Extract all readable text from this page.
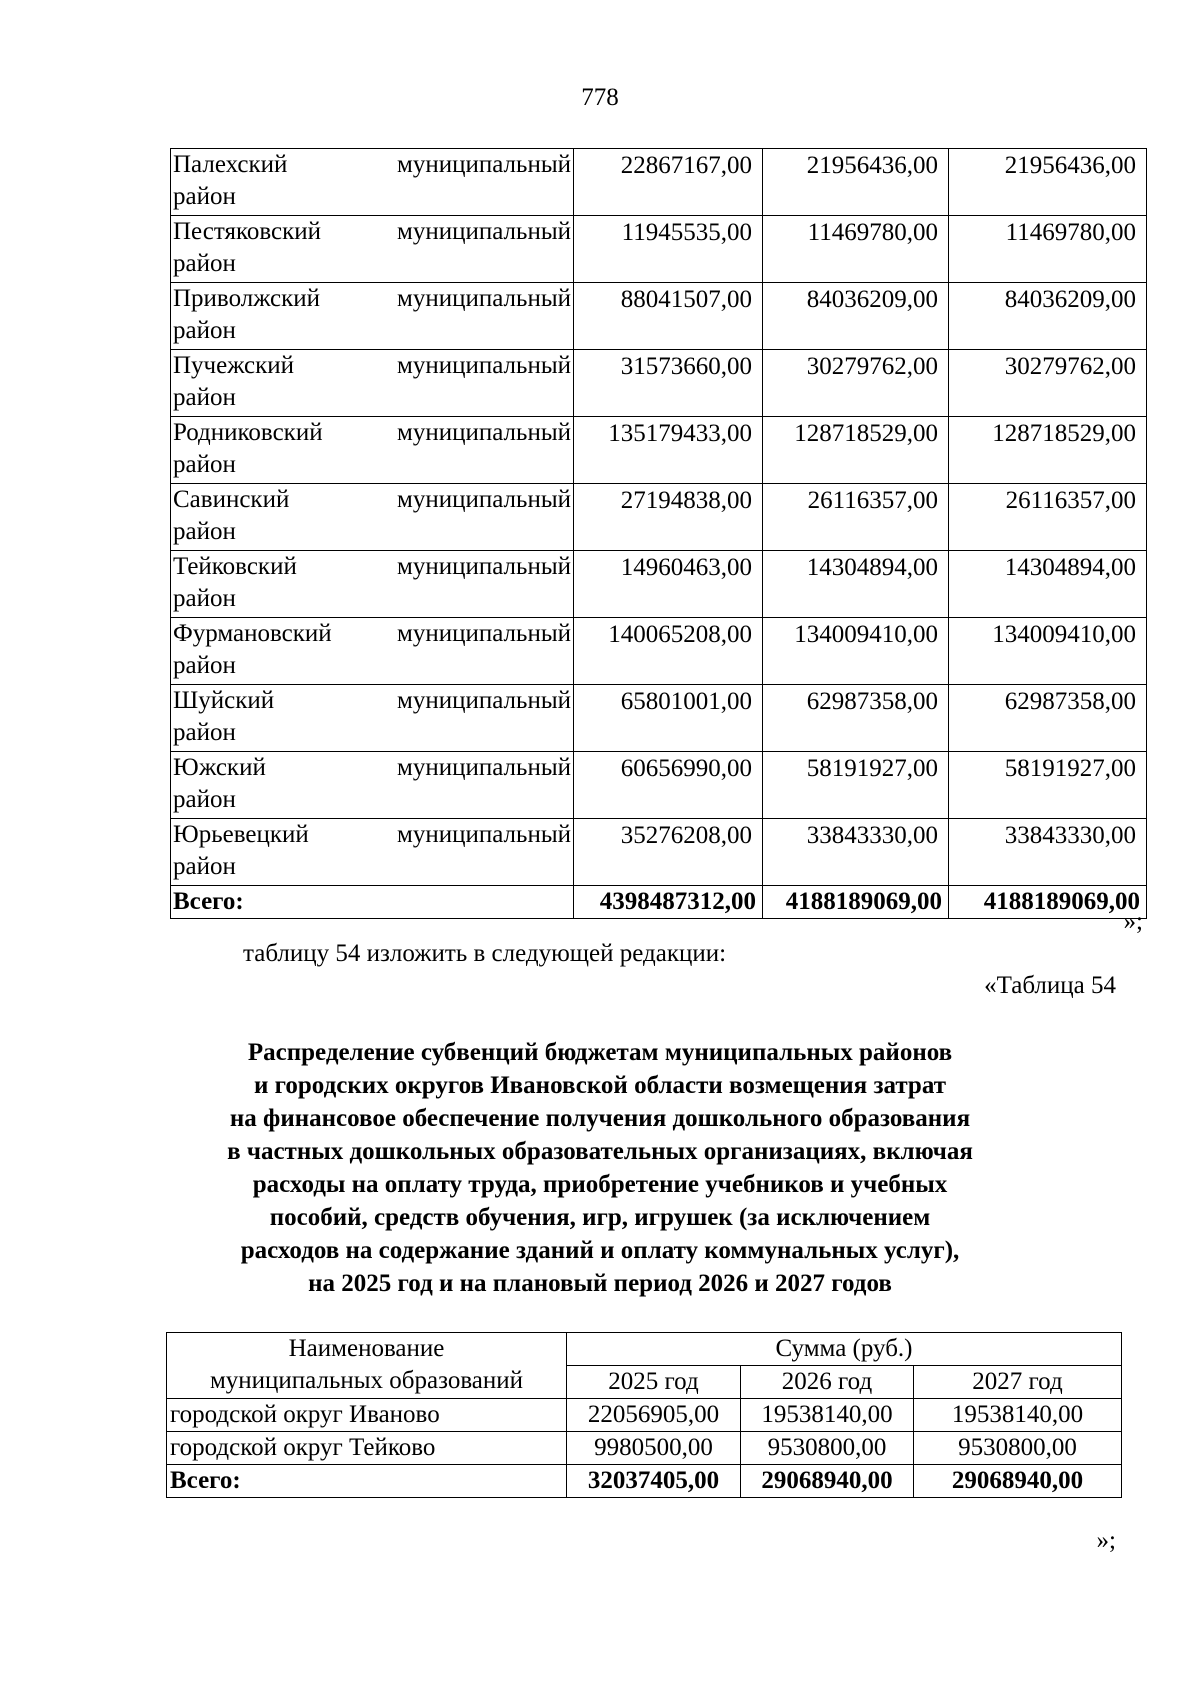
778
Палехский муниципальный
район	22867167,00	21956436,00	21956436,00

Пестяковский муниципальный
район	11945535,00	11469780,00	11469780,00

Приволжский муниципальный
район	88041507,00	84036209,00	84036209,00

Пучежский муниципальный
район	31573660,00	30279762,00	30279762,00

Родниковский муниципальный
район	135179433,00	128718529,00	128718529,00

Савинский муниципальный
район	27194838,00	26116357,00	26116357,00

Тейковский муниципальный
район	14960463,00	14304894,00	14304894,00

Фурмановский муниципальный
район	140065208,00	134009410,00	134009410,00

Шуйский муниципальный
район	65801001,00	62987358,00	62987358,00

Южский муниципальный
район	60656990,00	58191927,00	58191927,00

Юрьевецкий муниципальный
район	35276208,00	33843330,00	33843330,00
Всего:	4398487312,00	4188189069,00	4188189069,00
»;
таблицу 54 изложить в следующей редакции:
«Таблица 54
Распределение субвенций бюджетам муниципальных районов
и городских округов Ивановской области возмещения затрат
на финансовое обеспечение получения дошкольного образования
в частных дошкольных образовательных организациях, включая
расходы на оплату труда, приобретение учебников и учебных
пособий, средств обучения, игр, игрушек (за исключением
расходов на содержание зданий и оплату коммунальных услуг),
на 2025 год и на плановый период 2026 и 2027 годов
Наименование
муниципальных образований	Сумма (руб.)		
	2025 год	2026 год	2027 год
городской округ Иваново	22056905,00	19538140,00	19538140,00
городской округ Тейково	9980500,00	9530800,00	9530800,00
Всего:	32037405,00	29068940,00	29068940,00
»;
